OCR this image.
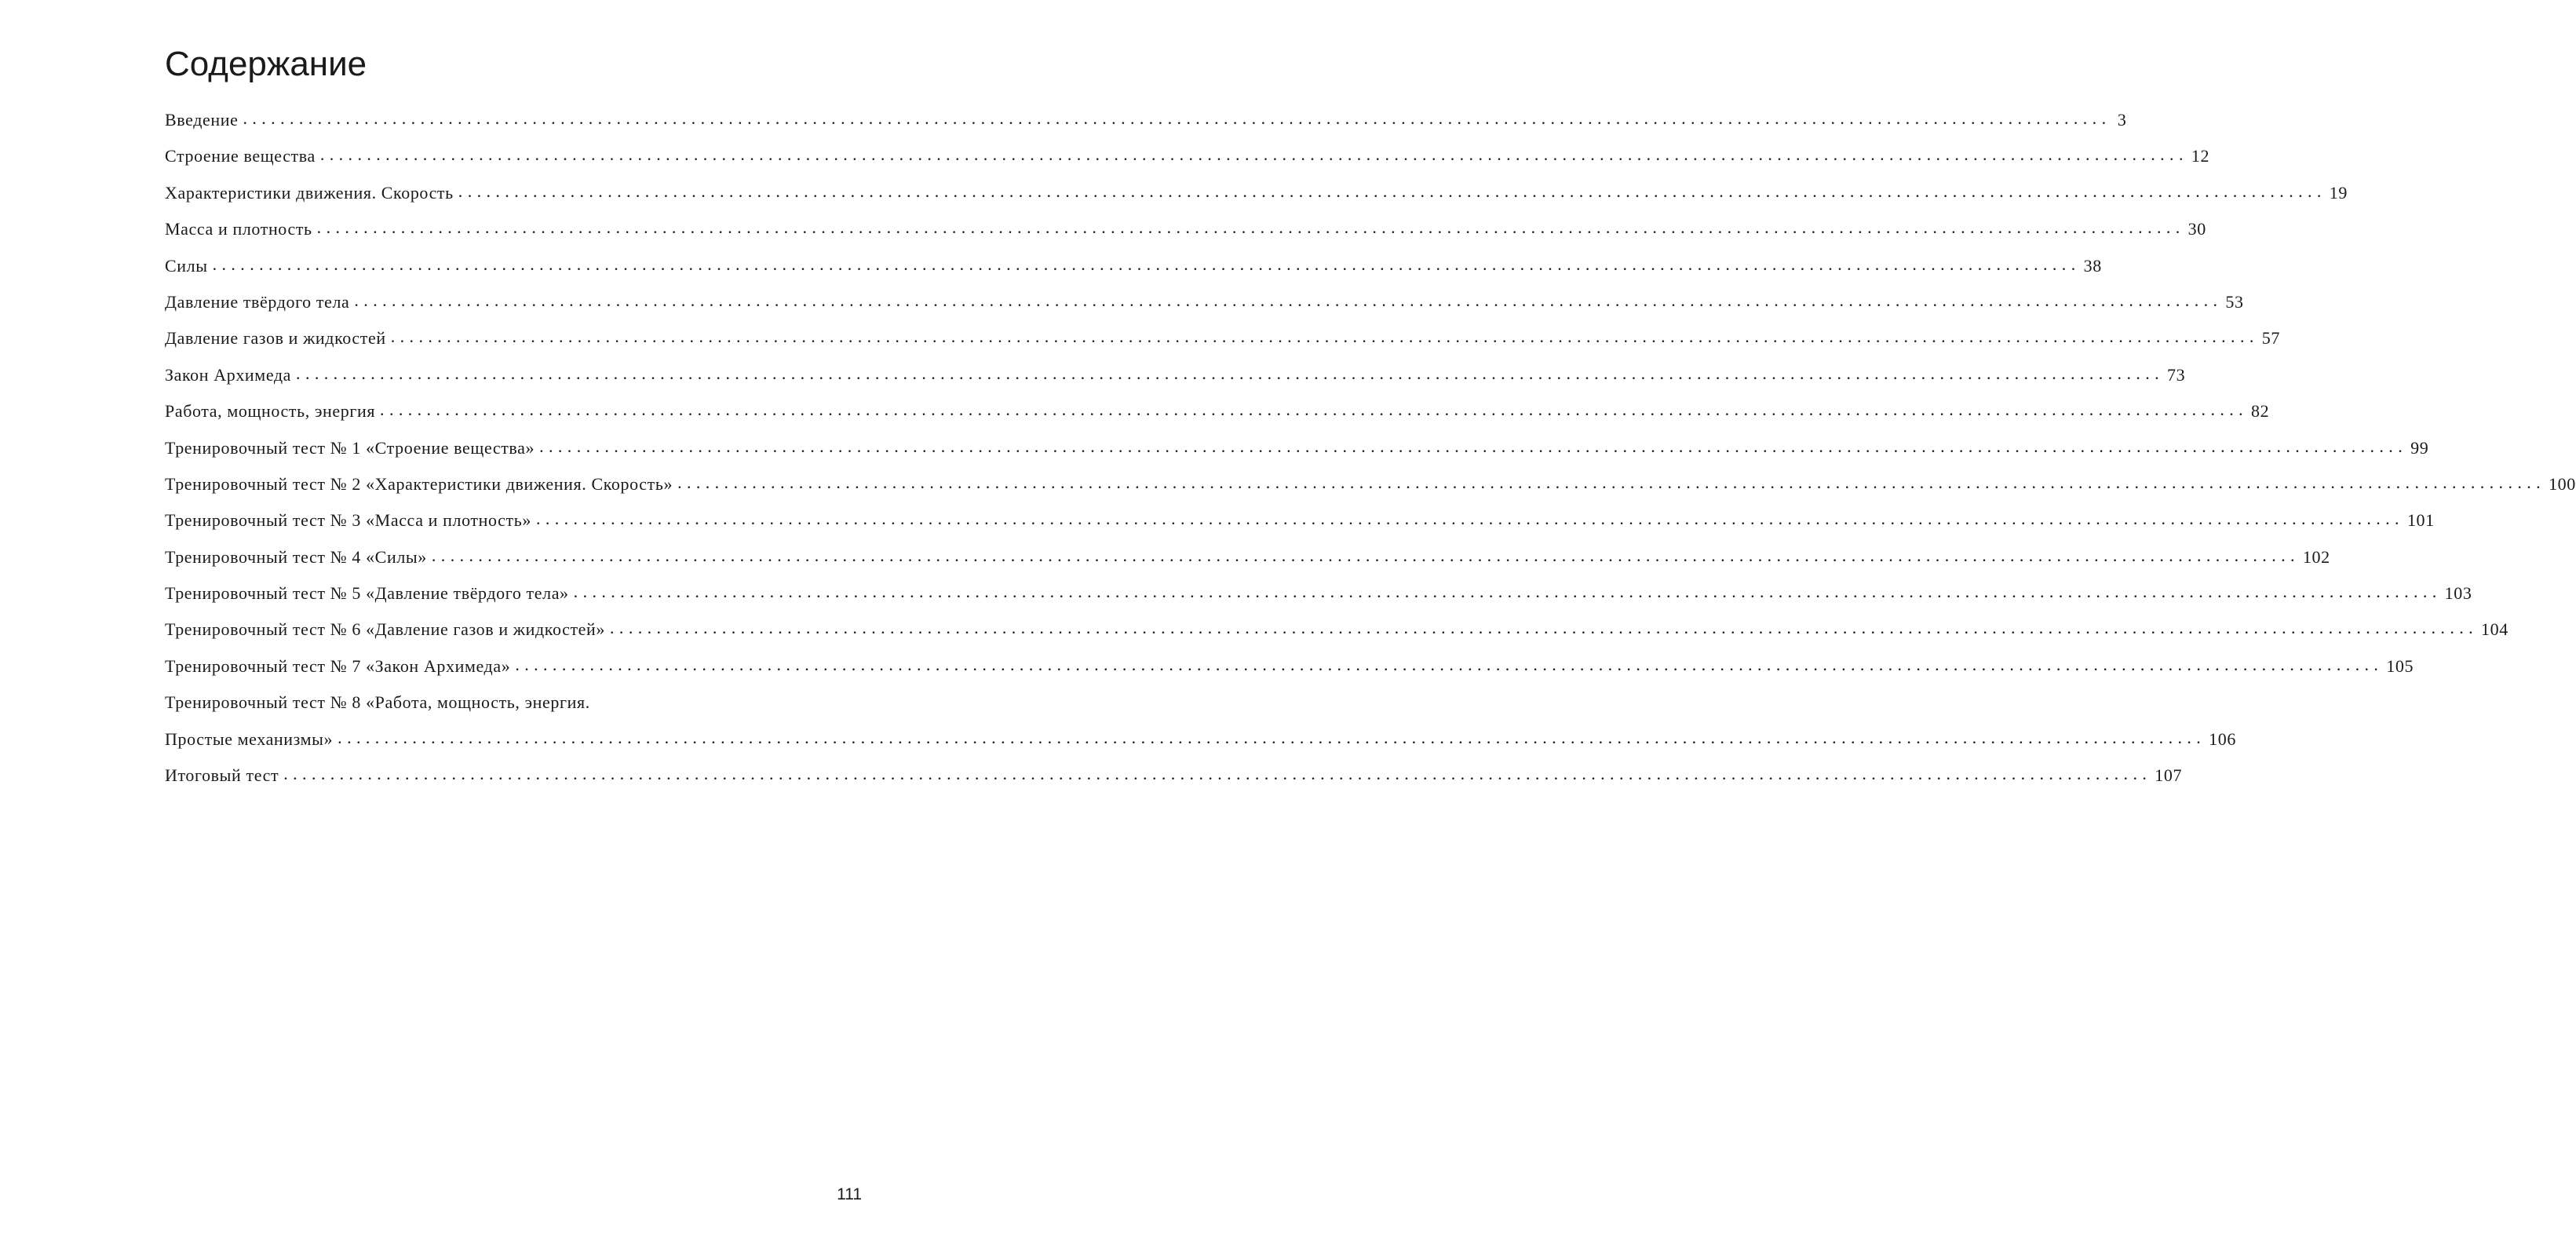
Содержание
Введение ........................................................................................................................................................................................................ 3
Строение вещества ........................................................................................................................................................................................................ 12
Характеристики движения. Скорость ........................................................................................................................................................................................................ 19
Масса и плотность ........................................................................................................................................................................................................ 30
Силы ........................................................................................................................................................................................................ 38
Давление твёрдого тела ........................................................................................................................................................................................................ 53
Давление газов и жидкостей ........................................................................................................................................................................................................ 57
Закон Архимеда ........................................................................................................................................................................................................ 73
Работа, мощность, энергия ........................................................................................................................................................................................................ 82
Тренировочный тест № 1 «Строение вещества» ........................................................................................................................................................................................................ 99
Тренировочный тест № 2 «Характеристики движения. Скорость» ........................................................................................................................................................................................................ 100
Тренировочный тест № 3 «Масса и плотность» ........................................................................................................................................................................................................ 101
Тренировочный тест № 4 «Силы» ........................................................................................................................................................................................................ 102
Тренировочный тест № 5 «Давление твёрдого тела» ........................................................................................................................................................................................................ 103
Тренировочный тест № 6 «Давление газов и жидкостей» ........................................................................................................................................................................................................ 104
Тренировочный тест № 7 «Закон Архимеда» ........................................................................................................................................................................................................ 105
Тренировочный тест № 8 «Работа, мощность, энергия.
Простые механизмы» ........................................................................................................................................................................................................ 106
Итоговый тест ........................................................................................................................................................................................................ 107
111
